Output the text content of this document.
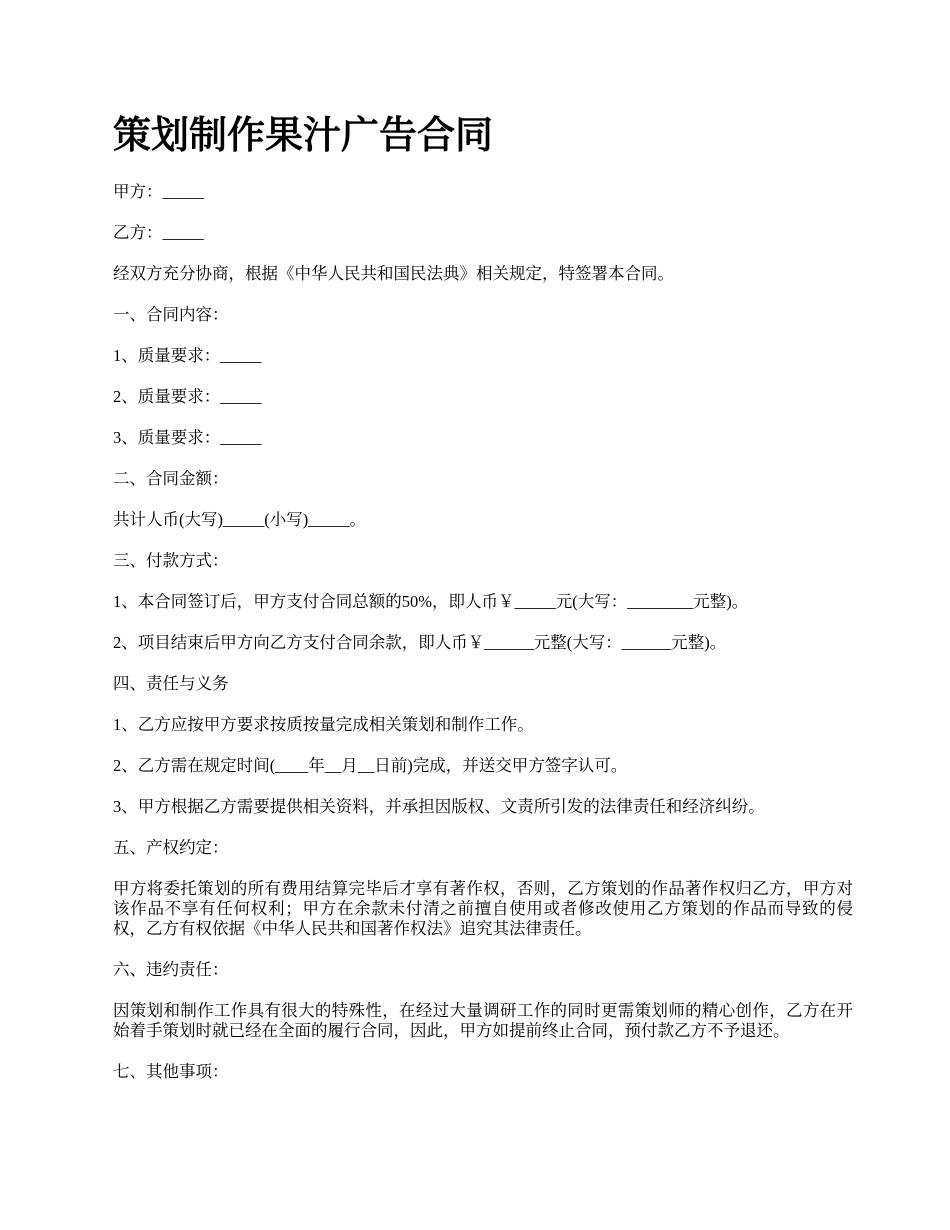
策划制作果汁广告合同

甲方：_____

乙方：_____

经双方充分协商，根据《中华人民共和国民法典》相关规定，特签署本合同。

一、合同内容：

1、质量要求：_____

2、质量要求：_____

3、质量要求：_____

二、合同金额：

共计人币(大写)_____(小写)_____。

三、付款方式：

1、本合同签订后，甲方支付合同总额的50%，即人币￥_____元(大写：________元整)。

2、项目结束后甲方向乙方支付合同余款，即人币￥______元整(大写：______元整)。

四、责任与义务

1、乙方应按甲方要求按质按量完成相关策划和制作工作。

2、乙方需在规定时间(____年__月__日前)完成，并送交甲方签字认可。

3、甲方根据乙方需要提供相关资料，并承担因版权、文责所引发的法律责任和经济纠纷。

五、产权约定：

甲方将委托策划的所有费用结算完毕后才享有著作权，否则，乙方策划的作品著作权归乙方，甲方对该作品不享有任何权利；甲方在余款未付清之前擅自使用或者修改使用乙方策划的作品而导致的侵权，乙方有权依据《中华人民共和国著作权法》追究其法律责任。

六、违约责任：

因策划和制作工作具有很大的特殊性，在经过大量调研工作的同时更需策划师的精心创作，乙方在开始着手策划时就已经在全面的履行合同，因此，甲方如提前终止合同，预付款乙方不予退还。

七、其他事项：
